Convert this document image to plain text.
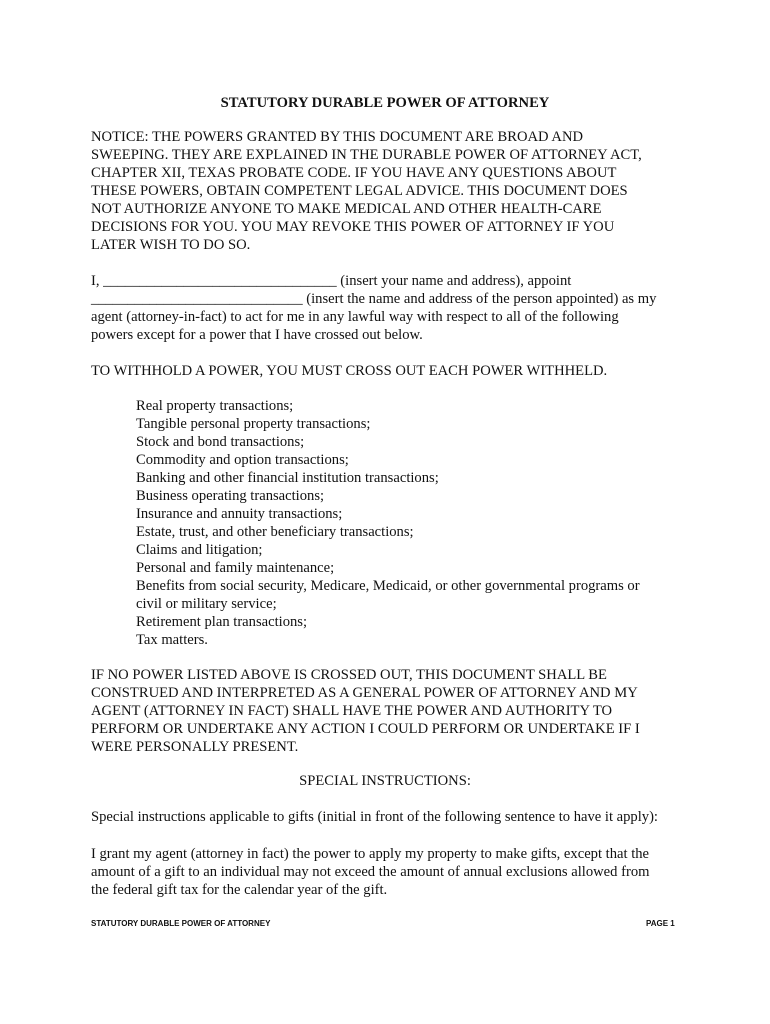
STATUTORY DURABLE POWER OF ATTORNEY
NOTICE: THE POWERS GRANTED BY THIS DOCUMENT ARE BROAD AND
SWEEPING. THEY ARE EXPLAINED IN THE DURABLE POWER OF ATTORNEY ACT,
CHAPTER XII, TEXAS PROBATE CODE. IF YOU HAVE ANY QUESTIONS ABOUT
THESE POWERS, OBTAIN COMPETENT LEGAL ADVICE. THIS DOCUMENT DOES
NOT AUTHORIZE ANYONE TO MAKE MEDICAL AND OTHER HEALTH-CARE
DECISIONS FOR YOU. YOU MAY REVOKE THIS POWER OF ATTORNEY IF YOU
LATER WISH TO DO SO.
I, ________________________________ (insert your name and address), appoint
_____________________________ (insert the name and address of the person appointed) as my
agent (attorney-in-fact) to act for me in any lawful way with respect to all of the following
powers except for a power that I have crossed out below.
TO WITHHOLD A POWER, YOU MUST CROSS OUT EACH POWER WITHHELD.
Real property transactions;
Tangible personal property transactions;
Stock and bond transactions;
Commodity and option transactions;
Banking and other financial institution transactions;
Business operating transactions;
Insurance and annuity transactions;
Estate, trust, and other beneficiary transactions;
Claims and litigation;
Personal and family maintenance;
Benefits from social security, Medicare, Medicaid, or other governmental programs or
civil or military service;
Retirement plan transactions;
Tax matters.
IF NO POWER LISTED ABOVE IS CROSSED OUT, THIS DOCUMENT SHALL BE
CONSTRUED AND INTERPRETED AS A GENERAL POWER OF ATTORNEY AND MY
AGENT (ATTORNEY IN FACT) SHALL HAVE THE POWER AND AUTHORITY TO
PERFORM OR UNDERTAKE ANY ACTION I COULD PERFORM OR UNDERTAKE IF I
WERE PERSONALLY PRESENT.
SPECIAL INSTRUCTIONS:
Special instructions applicable to gifts (initial in front of the following sentence to have it apply):
I grant my agent (attorney in fact) the power to apply my property to make gifts, except that the
amount of a gift to an individual may not exceed the amount of annual exclusions allowed from
the federal gift tax for the calendar year of the gift.
STATUTORY DURABLE POWER OF ATTORNEY	PAGE 1
